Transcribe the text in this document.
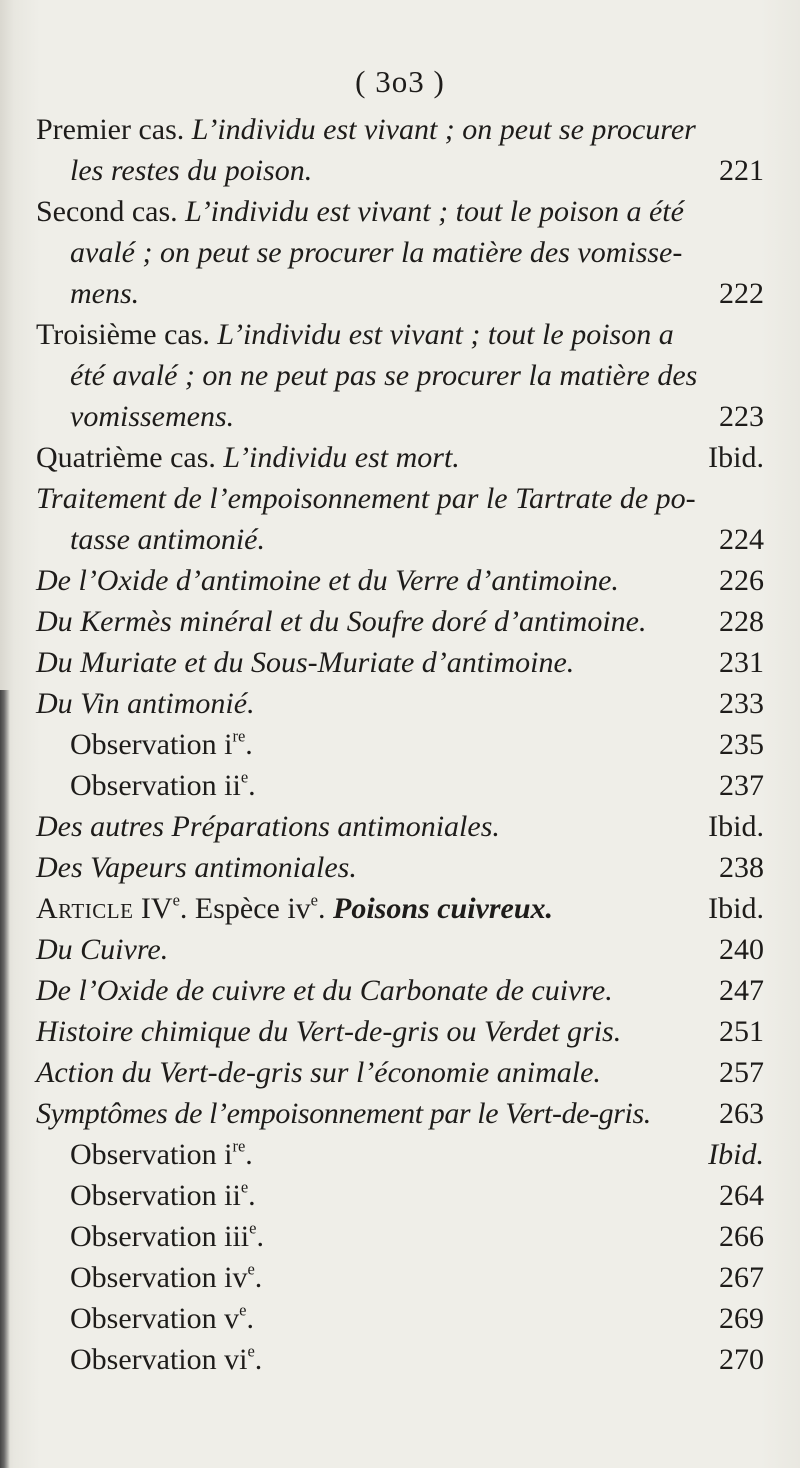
( 3o3 )
Premier cas. L’individu est vivant ; on peut se procurer
les restes du poison.	221
Second cas. L’individu est vivant ; tout le poison a été
avalé ; on peut se procurer la matière des vomisse-
mens.	222
Troisième cas. L’individu est vivant ; tout le poison a
été avalé ; on ne peut pas se procurer la matière des
vomissemens.	223
Quatrième cas. L’individu est mort.	Ibid.
Traitement de l’empoisonnement par le Tartrate de po-
tasse antimonié.	224
De l’Oxide d’antimoine et du Verre d’antimoine.	226
Du Kermès minéral et du Soufre doré d’antimoine.	228
Du Muriate et du Sous-Muriate d’antimoine.	231
Du Vin antimonié.	233
Observation $i^{re}$.	235
Observation $ii^e$.	237
Des autres Préparations antimoniales.	Ibid.
Des Vapeurs antimoniales.	238
Article IVe. Espèce $iv^e$. Poisons cuivreux.	Ibid.
Du Cuivre.	240
De l’Oxide de cuivre et du Carbonate de cuivre.	247
Histoire chimique du Vert-de-gris ou Verdet gris.	251
Action du Vert-de-gris sur l’économie animale.	257
Symptômes de l’empoisonnement par le Vert-de-gris.	263
Observation $i^{re}$.	Ibid.
Observation $ii^e$.	264
Observation iii$^e$.	266
Observation $iv^e$.	267
Observation $v^e$.	269
Observation $vi^e$.	270
